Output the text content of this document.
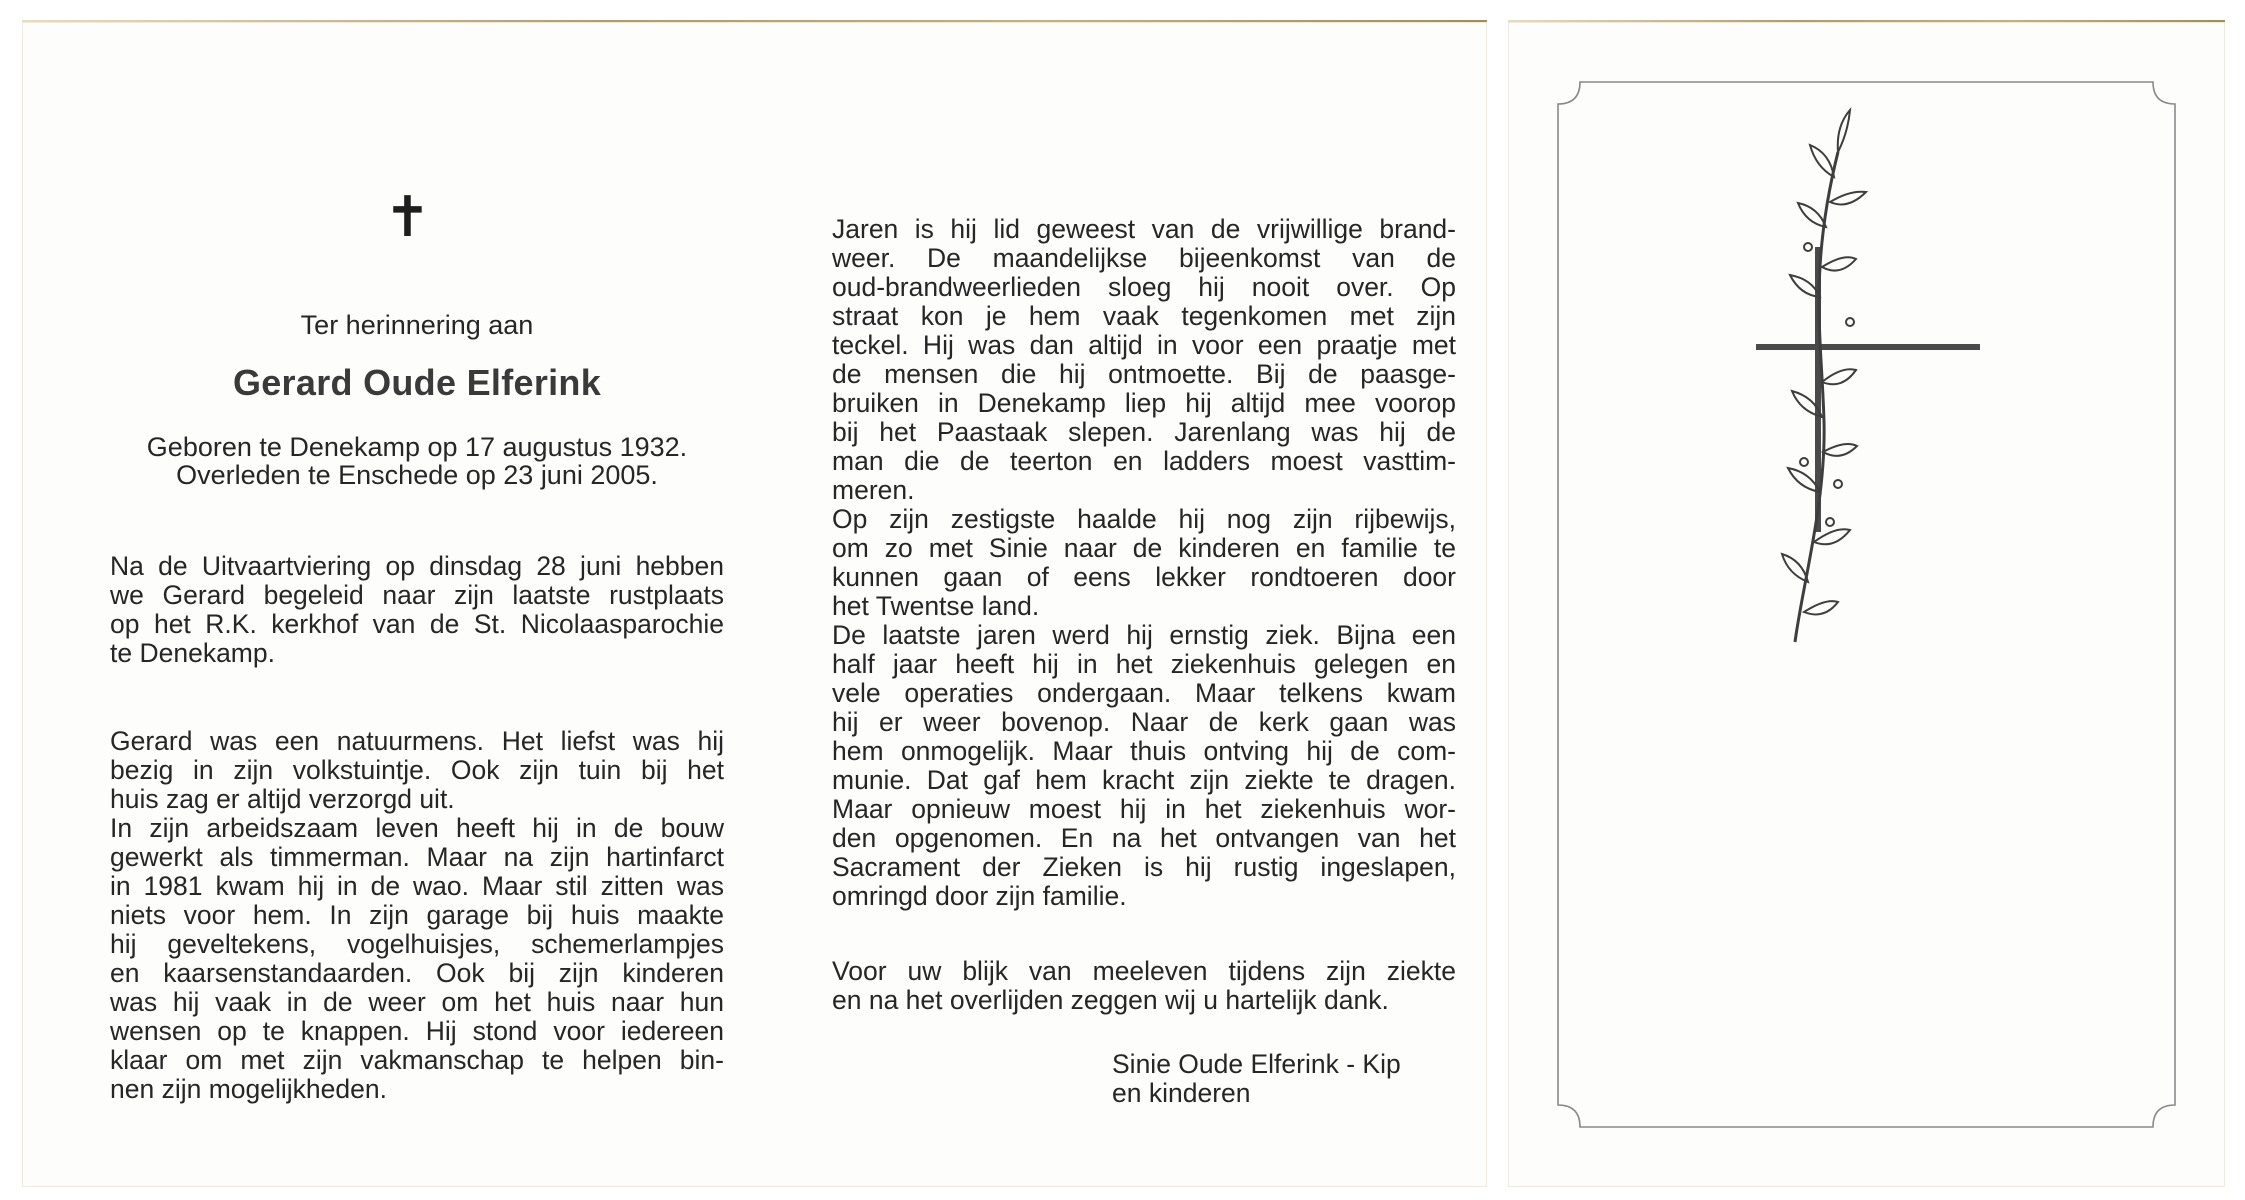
✝
Ter herinnering aan
Gerard Oude Elferink
Geboren te Denekamp op 17 augustus 1932.
Overleden te Enschede op 23 juni 2005.
Na de Uitvaartviering op dinsdag 28 juni hebben
we Gerard begeleid naar zijn laatste rustplaats
op het R.K. kerkhof van de St. Nicolaasparochie
te Denekamp.
Gerard was een natuurmens. Het liefst was hij
bezig in zijn volkstuintje. Ook zijn tuin bij het
huis zag er altijd verzorgd uit.
In zijn arbeidszaam leven heeft hij in de bouw
gewerkt als timmerman. Maar na zijn hartinfarct
in 1981 kwam hij in de wao. Maar stil zitten was
niets voor hem. In zijn garage bij huis maakte
hij geveltekens, vogelhuisjes, schemerlampjes
en kaarsenstandaarden. Ook bij zijn kinderen
was hij vaak in de weer om het huis naar hun
wensen op te knappen. Hij stond voor iedereen
klaar om met zijn vakmanschap te helpen bin-
nen zijn mogelijkheden.
Jaren is hij lid geweest van de vrijwillige brand-
weer. De maandelijkse bijeenkomst van de
oud-brandweerlieden sloeg hij nooit over. Op
straat kon je hem vaak tegenkomen met zijn
teckel. Hij was dan altijd in voor een praatje met
de mensen die hij ontmoette. Bij de paasge-
bruiken in Denekamp liep hij altijd mee voorop
bij het Paastaak slepen. Jarenlang was hij de
man die de teerton en ladders moest vasttim-
meren.
Op zijn zestigste haalde hij nog zijn rijbewijs,
om zo met Sinie naar de kinderen en familie te
kunnen gaan of eens lekker rondtoeren door
het Twentse land.
De laatste jaren werd hij ernstig ziek. Bijna een
half jaar heeft hij in het ziekenhuis gelegen en
vele operaties ondergaan. Maar telkens kwam
hij er weer bovenop. Naar de kerk gaan was
hem onmogelijk. Maar thuis ontving hij de com-
munie. Dat gaf hem kracht zijn ziekte te dragen.
Maar opnieuw moest hij in het ziekenhuis wor-
den opgenomen. En na het ontvangen van het
Sacrament der Zieken is hij rustig ingeslapen,
omringd door zijn familie.
Voor uw blijk van meeleven tijdens zijn ziekte
en na het overlijden zeggen wij u hartelijk dank.
Sinie Oude Elferink - Kip
en kinderen
